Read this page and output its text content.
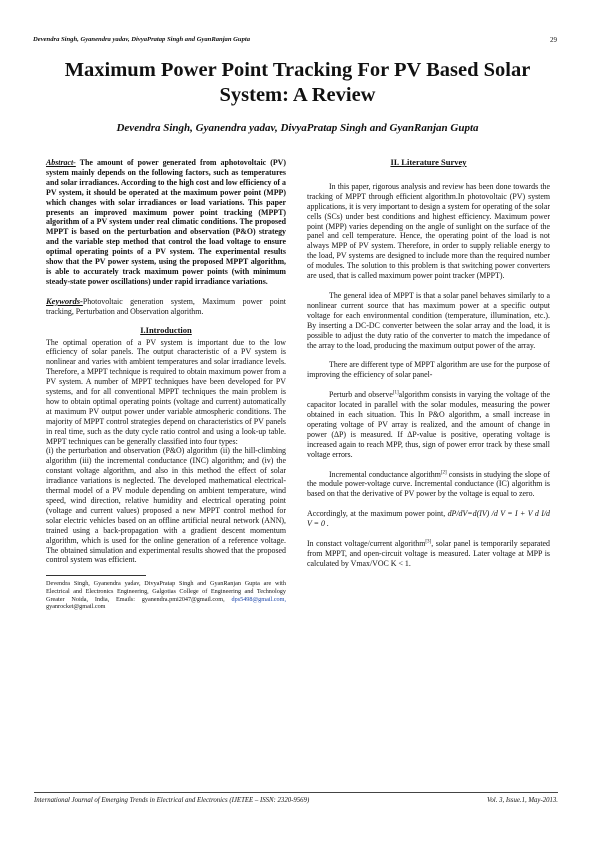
Devendra Singh, Gyanendra yadav, DivyaPratap Singh and GyanRanjan Gupta	29
Maximum Power Point Tracking For PV Based Solar System: A Review
Devendra Singh, Gyanendra yadav, DivyaPratap Singh and GyanRanjan Gupta

Abstract- The amount of power generated from aphotovoltaic (PV) system mainly depends on the following factors, such as temperatures and solar irradiances. According to the high cost and low efficiency of a PV system, it should be operated at the maximum power point (MPP) which changes with solar irradiances or load variations. This paper presents an improved maximum power point tracking (MPPT) algorithm of a PV system under real climatic conditions. The proposed MPPT is based on the perturbation and observation (P&O) strategy and the variable step method that control the load voltage to ensure optimal operating points of a PV system. The experimental results show that the PV power system, using the proposed MPPT algorithm, is able to accurately track maximum power points (with minimum steady-state power oscillations) under rapid irradiance variations.

Keywords-Photovoltaic generation system, Maximum power point tracking, Perturbation and Observation algorithm.

I.Introduction

The optimal operation of a PV system is important due to the low efficiency of solar panels. The output characteristic of a PV system is nonlinear and varies with ambient temperatures and solar irradiance levels. Therefore, a MPPT technique is required to obtain maximum power from a PV system. A number of MPPT techniques have been developed for PV systems, and for all conventional MPPT techniques the main problem is how to obtain optimal operating points (voltage and current) automatically at maximum PV output power under variable atmospheric conditions. The majority of MPPT control strategies depend on characteristics of PV panels in real time, such as the duty cycle ratio control and using a look-up table. MPPT techniques can be generally classified into four types:

(i) the perturbation and observation (P&O) algorithm (ii) the hill-climbing algorithm (iii) the incremental conductance (INC) algorithm; and (iv) the constant voltage algorithm, and also in this method the effect of solar irradiance variations is neglected. The developed mathematical electrical-thermal model of a PV module depending on ambient temperature, wind speed, wind direction, relative humidity and electrical operating point (voltage and current values) proposed a new MPPT control method for solar electric vehicles based on an offline artificial neural network (ANN), trained using a back-propagation with a gradient descent momentum algorithm, which is used for the online generation of a reference voltage. The obtained simulation and experimental results showed that the proposed control system was efficient.

Devendra Singh, Gyanendra yadav, DivyaPratap Singh and GyanRanjan Gupta are with Electrical and Electronics Engineering, Galgotias College of Engineering and Technology Greater Noida, India, Emails: gyanendra.pmi2047@gmail.com, dps5498@gmail.com, gyanrocket@gmail.com

II. Literature Survey

In this paper, rigorous analysis and review has been done towards the tracking of MPPT through efficient algorithm.In photovoltaic (PV) system applications, it is very important to design a system for operating of the solar cells (SCs) under best conditions and highest efficiency. Maximum power point (MPP) varies depending on the angle of sunlight on the surface of the panel and cell temperature. Hence, the operating point of the load is not always MPP of PV system. Therefore, in order to supply reliable energy to the load, PV systems are designed to include more than the required number of modules. The solution to this problem is that switching power converters are used, that is called maximum power point tracker (MPPT).

The general idea of MPPT is that a solar panel behaves similarly to a nonlinear current source that has maximum power at a specific output voltage for each environmental condition (temperature, illumination, etc.). By inserting a DC-DC converter between the solar array and the load, it is possible to adjust the duty ratio of the converter to match the impedance of the array to the load, producing the maximum output power of the array.

There are different type of MPPT algorithm are use for the purpose of improving the efficiency of solar panel-

Perturb and observe[1]algorithm consists in varying the voltage of the capacitor located in parallel with the solar modules, measuring the power obtained in each situation. This In P&O algorithm, a small increase in operating voltage of PV array is realized, and the amount of change in power (ΔP) is measured. If ΔP-value is positive, operating voltage is increased again to reach MPP, thus, sign of power error track by these small voltage errors.

Incremental conductance algorithm[2] consists in studying the slope of the module power-voltage curve. Incremental conductance (IC) algorithm is based on that the derivative of PV power by the voltage is equal to zero.

Accordingly, at the maximum power point, dP/dV=d(IV) /d V = I + V d I/d V = 0 .

In constact voltage/current algorithm[3], solar panel is temporarily separated from MPPT, and open-circuit voltage is measured. Later voltage at MPP is calculated by Vmax/VOC K < 1.

International Journal of Emerging Trends in Electrical and Electronics (IJETEE – ISSN: 2320-9569)	Vol. 3, Issue.1, May-2013.
